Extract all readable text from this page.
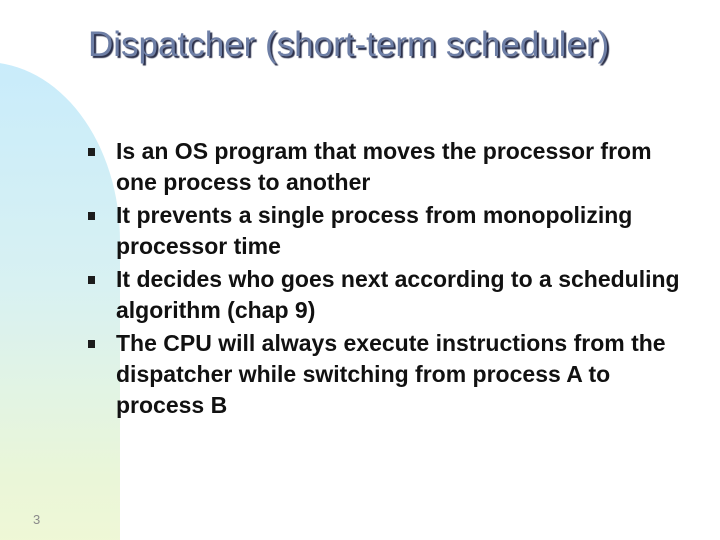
Dispatcher (short-term scheduler)
Is an OS program that moves the processor from one process to another
It prevents a single process from monopolizing processor time
It decides who goes next according to a scheduling algorithm (chap 9)
The CPU will always execute instructions from the dispatcher while switching from process A to process B
3
